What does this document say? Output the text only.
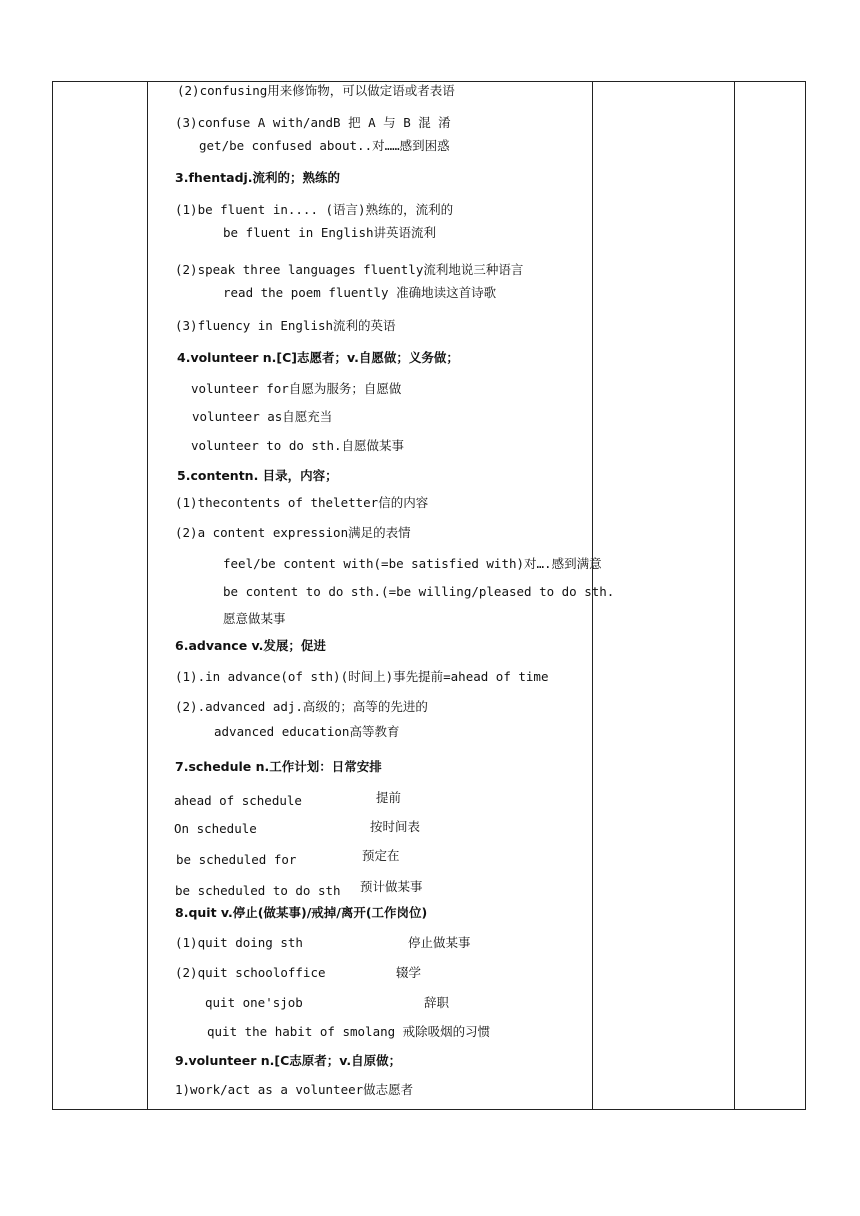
(2)confusing用来修饰物，可以做定语或者表语
(3)confuse A with/andB 把 A 与 B 混 淆
get/be confused about..对……感到困惑
3.fhentadj.流利的；熟练的
(1)be fluent in.... (语言)熟练的，流利的
be fluent in English讲英语流利
(2)speak three languages fluently流利地说三种语言
read the poem fluently 准确地读这首诗歌
(3)fluency in English流利的英语
4.volunteer n.[C]志愿者；v.自愿做；义务做；
volunteer for自愿为服务；自愿做
volunteer as自愿充当
volunteer to do sth.自愿做某事
5.contentn. 目录，内容；
(1)thecontents of theletter信的内容
(2)a content expression满足的表情
feel/be content with(=be satisfied with)对….感到满意
be content to do sth.(=be willing/pleased to do sth.
愿意做某事
6.advance v.发展；促进
(1).in advance(of sth)(时间上)事先提前=ahead of time
(2).advanced adj.高级的；高等的先进的
advanced education高等教育
7.schedule n.工作计划：日常安排
ahead of schedule	提前
On schedule	按时间表
be scheduled for	预定在
be scheduled to do sth 预计做某事
8.quit v.停止(做某事)/戒掉/离开(工作岗位)
(1)quit doing sth	停止做某事
(2)quit schooloffice	辍学
quit one'sjob	辞职
quit the habit of smolang 戒除吸烟的习惯
9.volunteer n.[C志原者；v.自原做；
1)work/act as a volunteer做志愿者
